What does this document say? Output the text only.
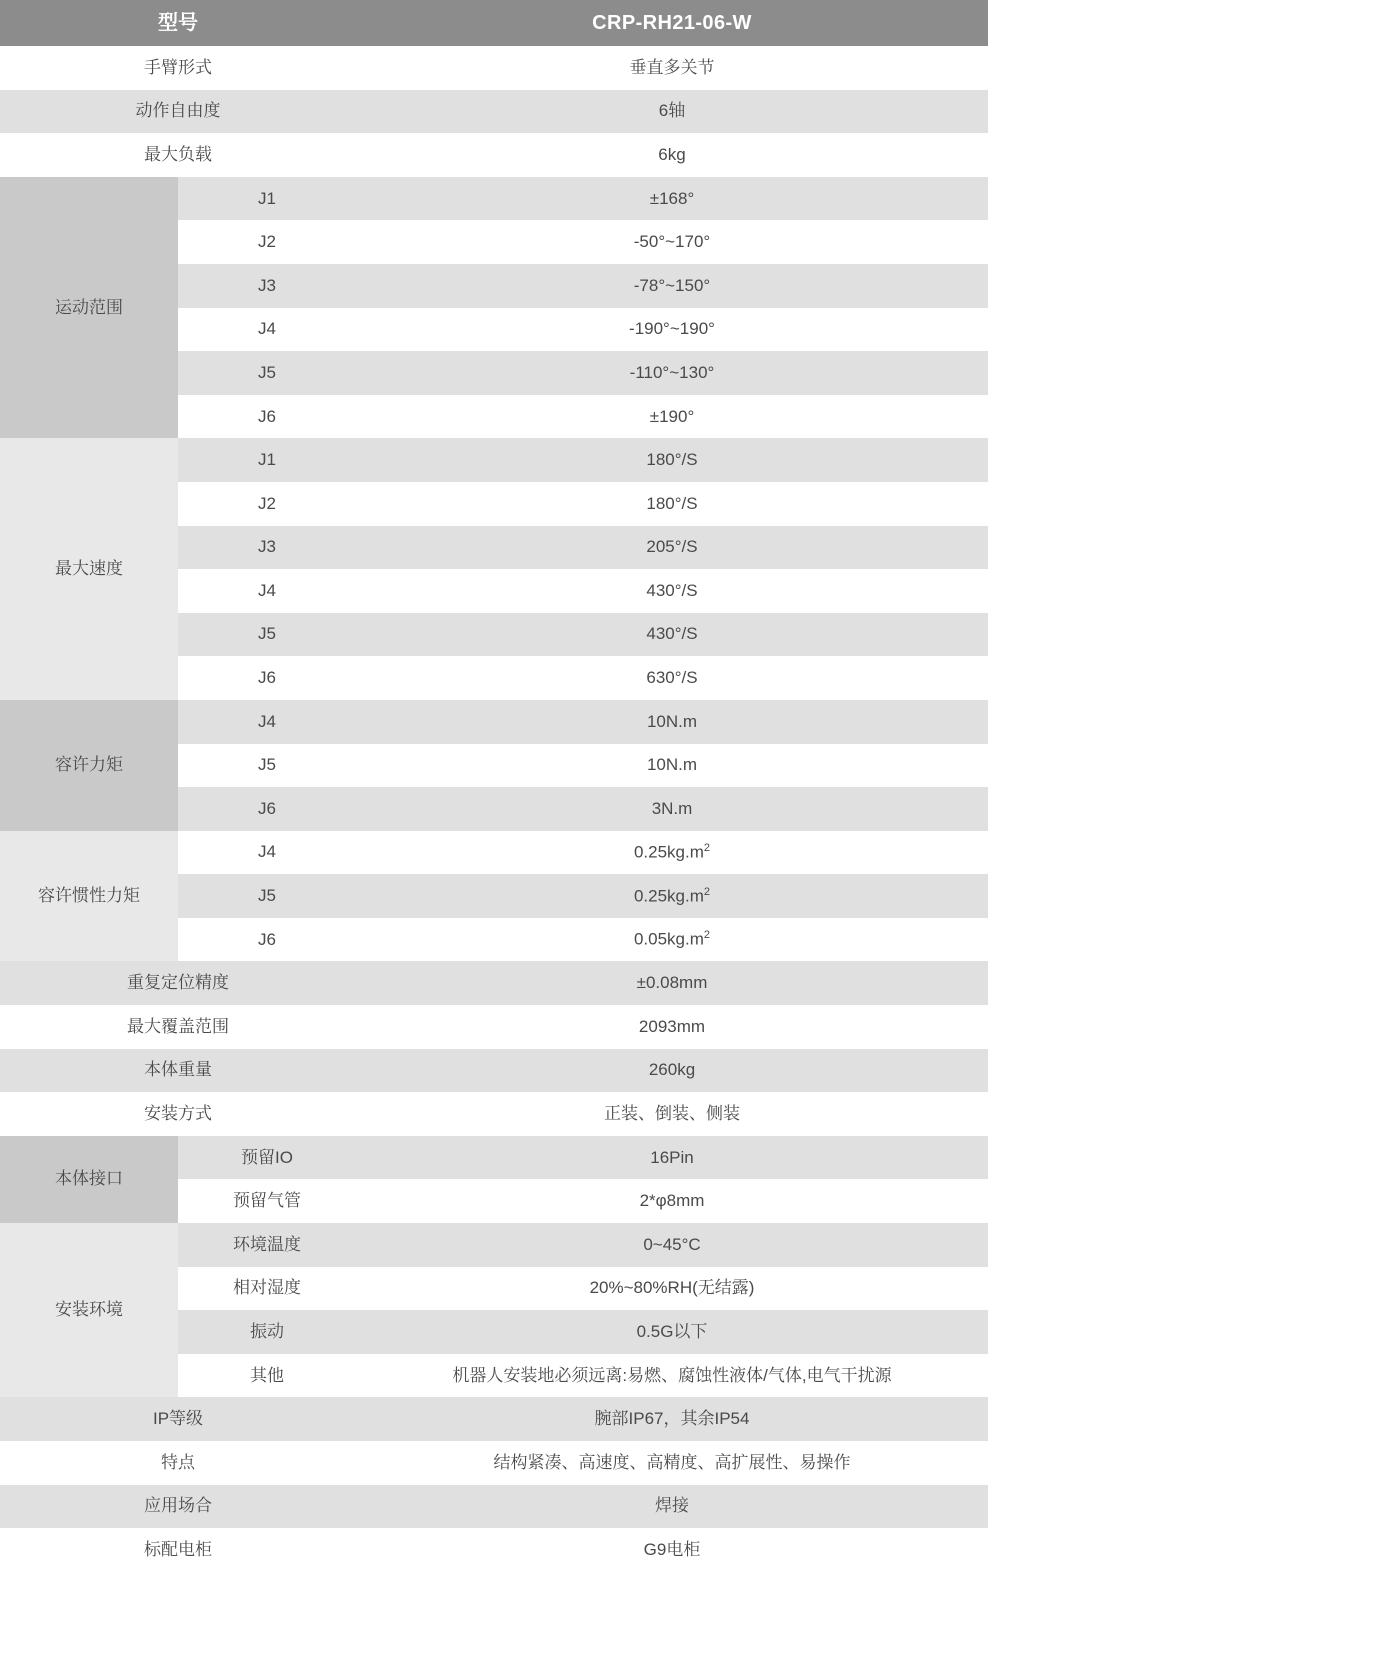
型号		CRP-RH21-06-W
手臂形式		垂直多关节
动作自由度		6轴
最大负载		6kg
运动范围	J1	±168°
	J2	-50°~170°
	J3	-78°~150°
	J4	-190°~190°
	J5	-110°~130°
	J6	±190°
最大速度	J1	180°/S
	J2	180°/S
	J3	205°/S
	J4	430°/S
	J5	430°/S
	J6	630°/S
容许力矩	J4	10N.m
	J5	10N.m
	J6	3N.m
容许惯性力矩	J4	$0.25kg.m^2$
	J5	$0.25kg.m^2$
	J6	$0.05kg.m^2$
重复定位精度		±0.08mm
最大覆盖范围		2093mm
本体重量		260kg
安装方式		正装、倒装、侧装
本体接口	预留IO	16Pin
	预留气管	2*φ8mm
安装环境	环境温度	0~45°C
	相对湿度	20%~80%RH(无结露)
	振动	0.5G以下
	其他	机器人安装地必须远离:易燃、腐蚀性液体/气体,电气干扰源
IP等级		腕部IP67，其余IP54
特点		结构紧凑、高速度、高精度、高扩展性、易操作
应用场合		焊接
标配电柜		G9电柜
